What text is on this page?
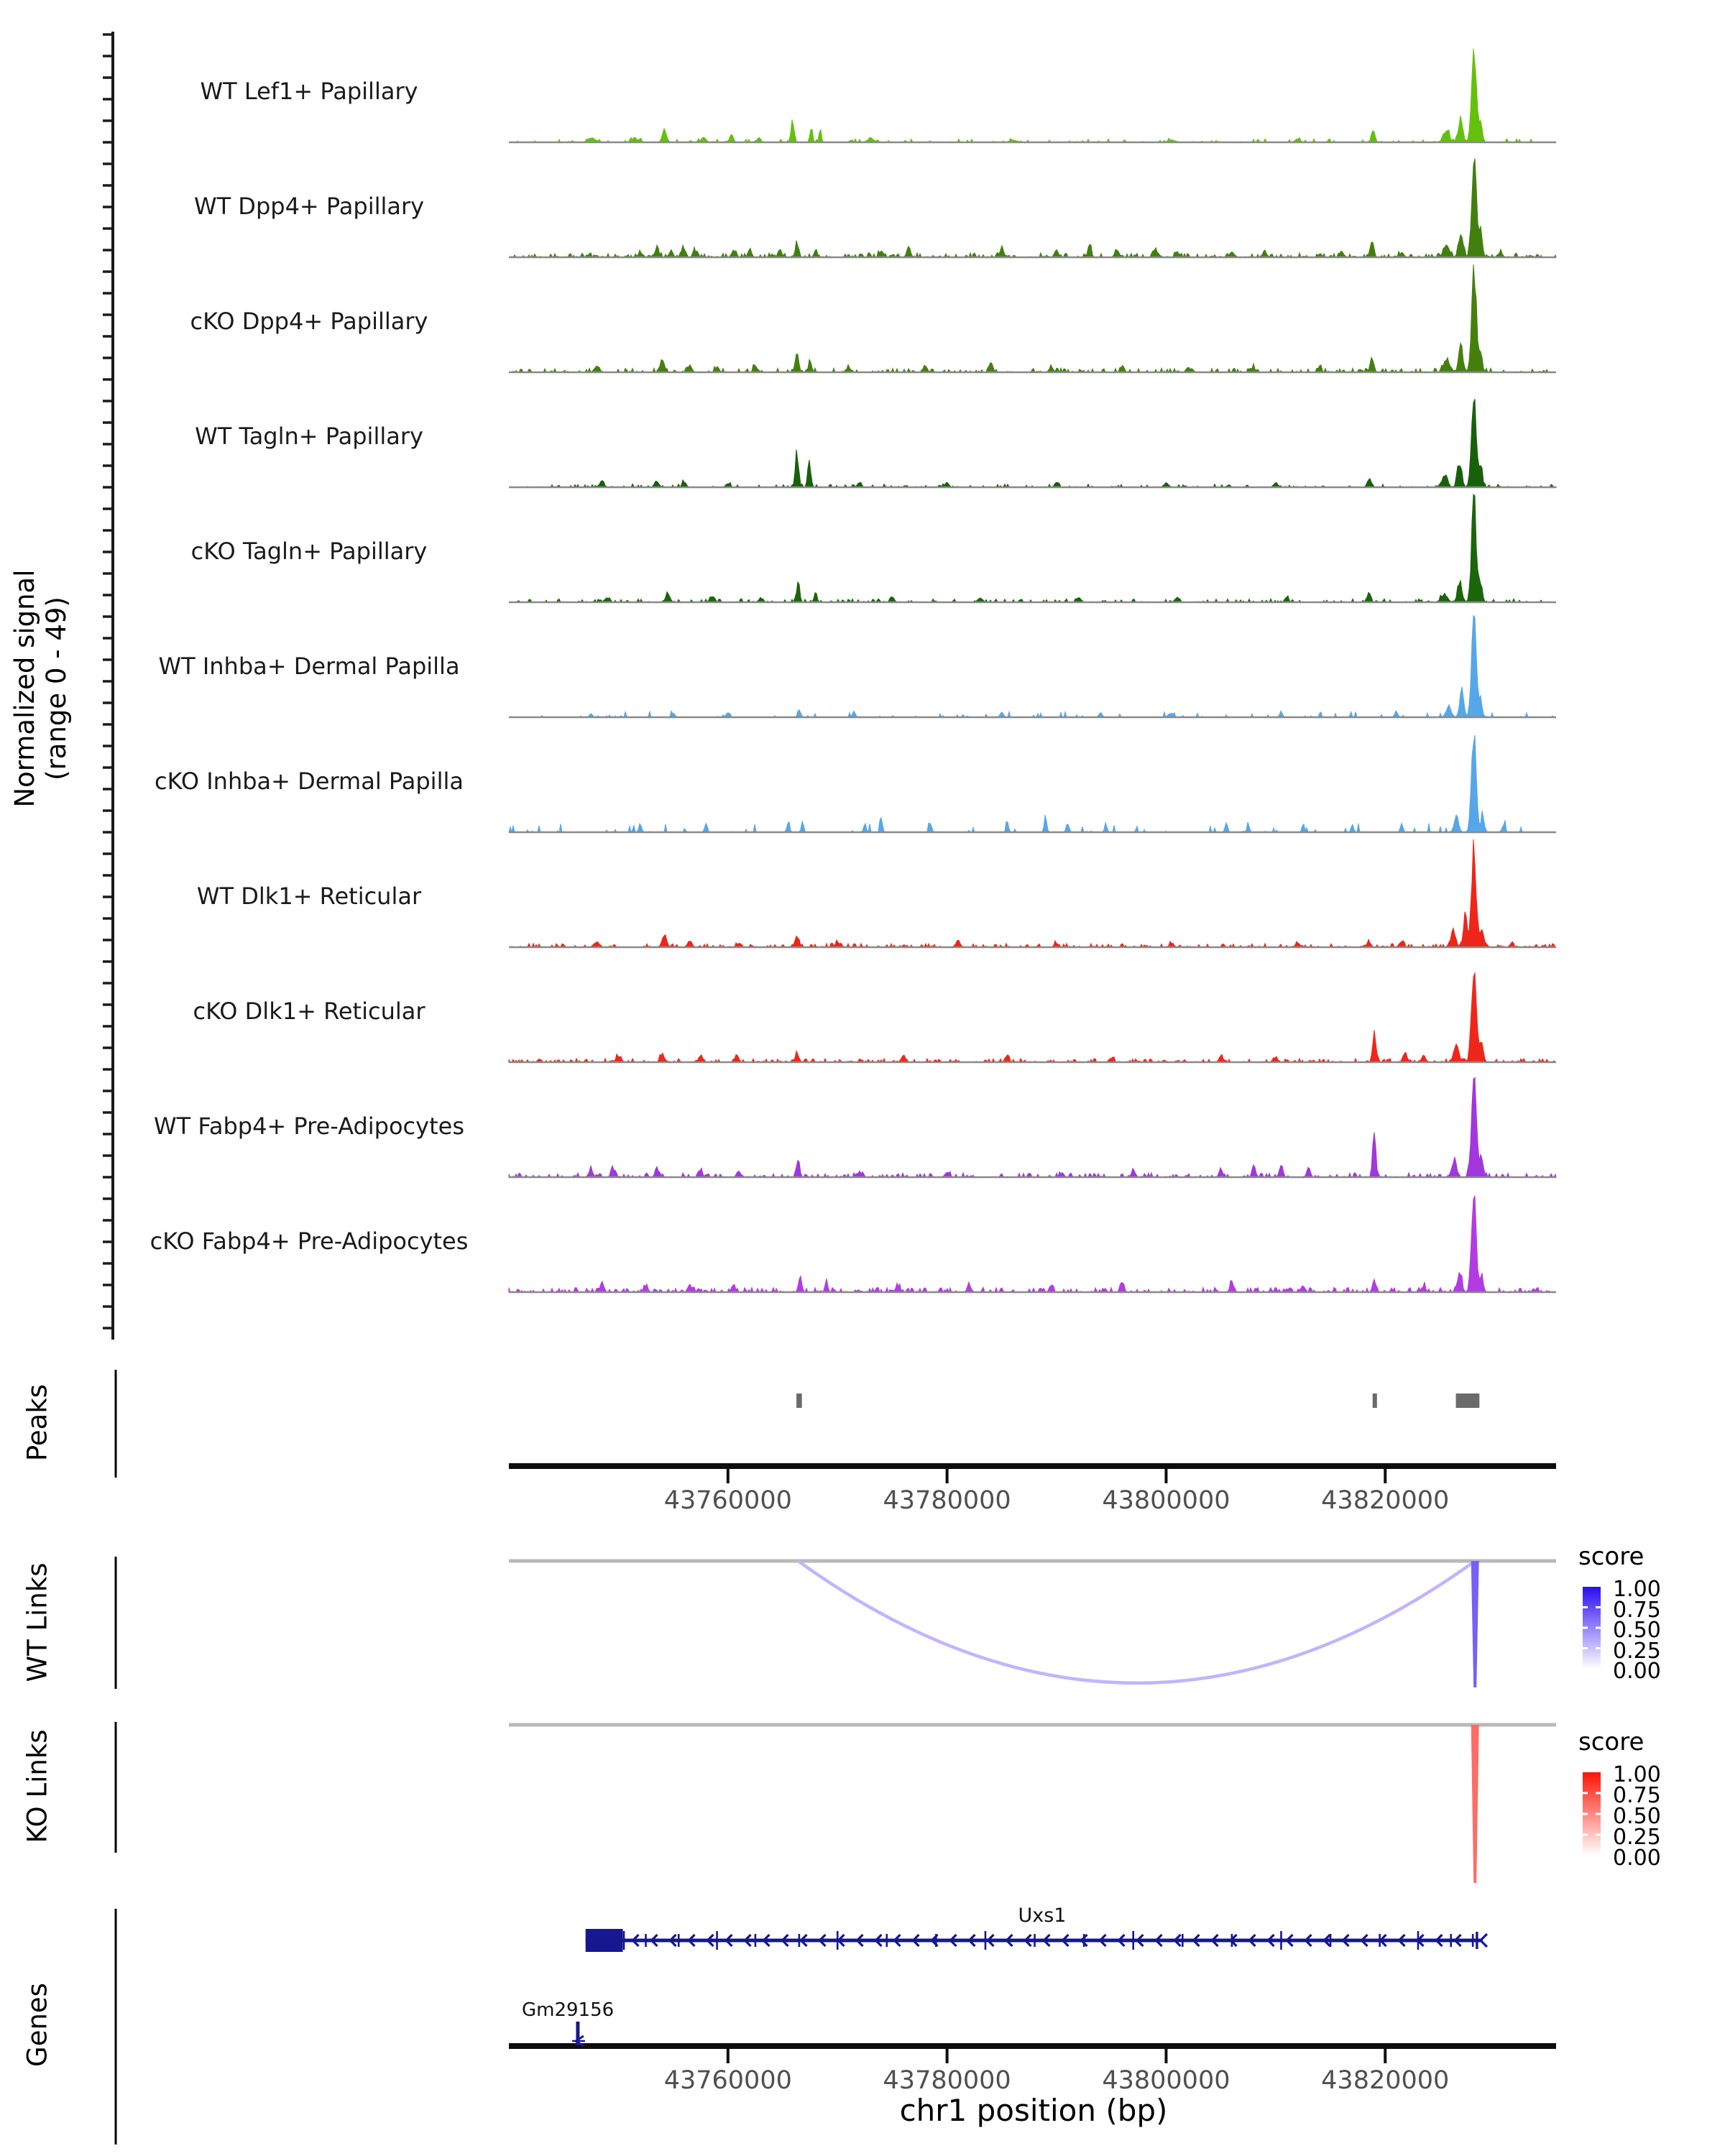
Normalized signal (range 0 - 49)
Peaks
WT Links
KO Links
Genes
score
score
Uxs1
Gm29156
chr1 position (bp)
WT Lef1+ Papillary
WT Dpp4+ Papillary
cKO Dpp4+ Papillary
WT Tagln+ Papillary
cKO Tagln+ Papillary
WT Inhba+ Dermal Papilla
cKO Inhba+ Dermal Papilla
WT Dlk1+ Reticular
cKO Dlk1+ Reticular
WT Fabp4+ Pre-Adipocytes
cKO Fabp4+ Pre-Adipocytes
43760000	43780000	43800000	43820000
43760000	43780000	43800000	43820000
1.00
0.75
0.50
0.25
0.00
1.00
0.75
0.50
0.25
0.00
